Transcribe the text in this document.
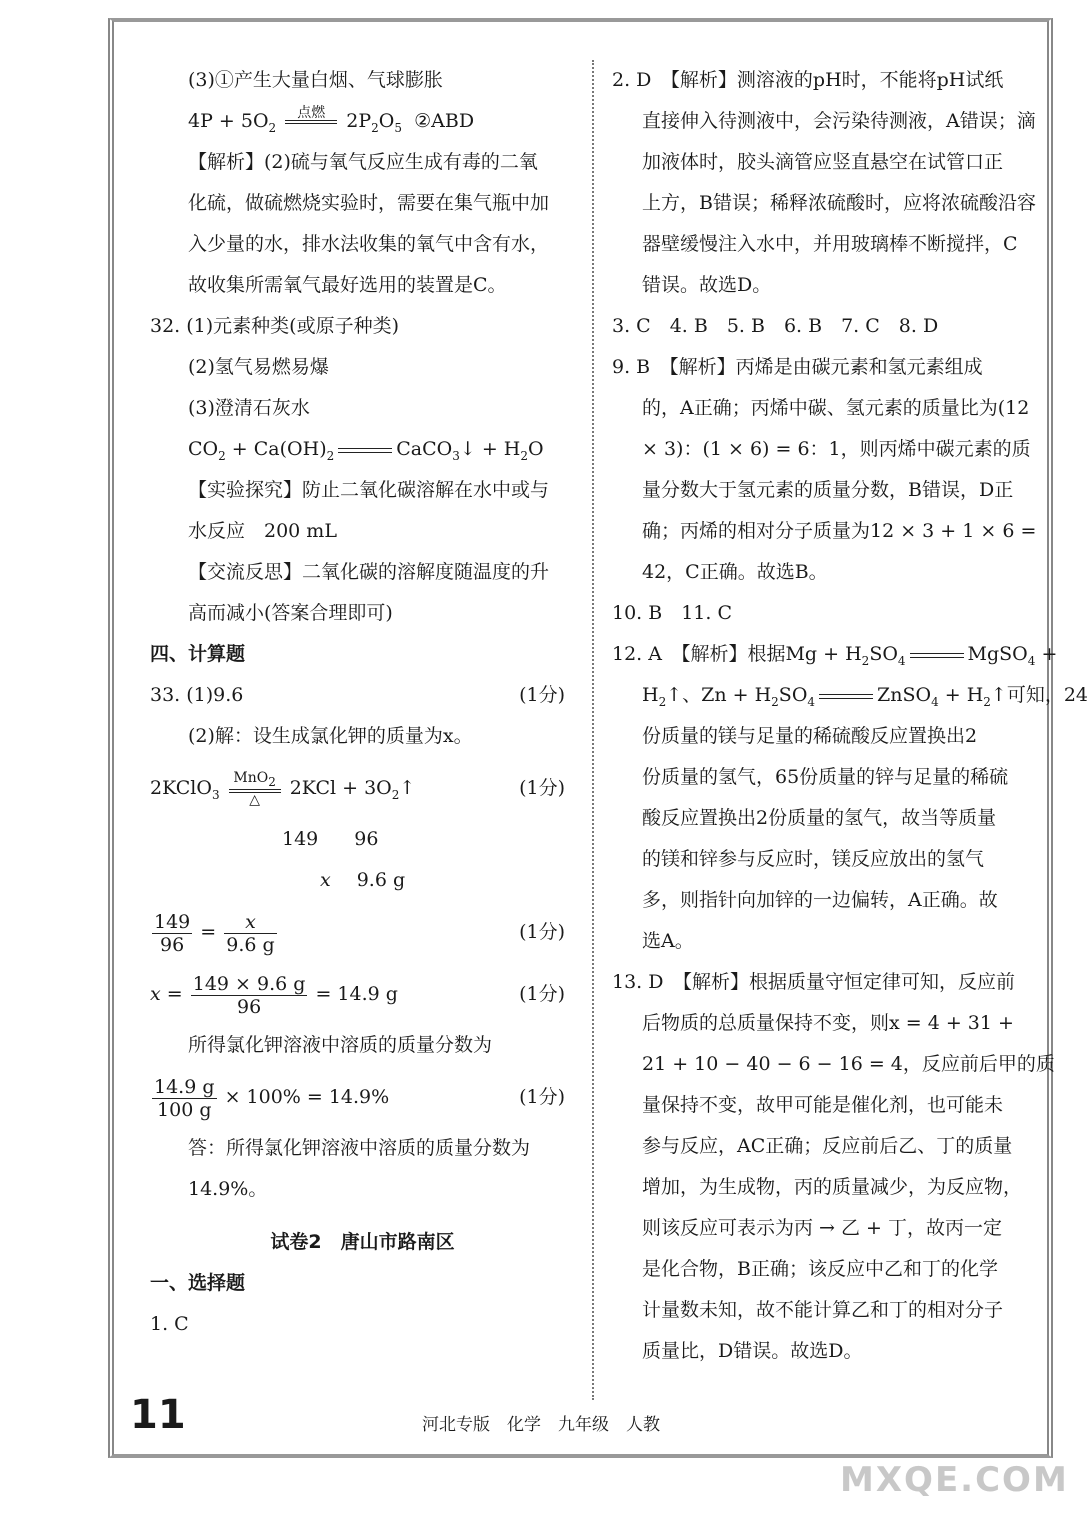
(3)①产生大量白烟、气球膨胀
$4P + 5O_2$
点燃	$2P_2O_5$ ②ABD
【解析】(2)硫与氧气反应生成有毒的二氧
化硫，做硫燃烧实验时，需要在集气瓶中加
入少量的水，排水法收集的氧气中含有水，
故收集所需氧气最好选用的装置是C。
32. (1)元素种类(或原子种类)
(2)氢气易燃易爆
(3)澄清石灰水
$CO_2 + Ca(OH)_2$	CaCO$_3$↓ + $H_2O$
【实验探究】防止二氧化碳溶解在水中或与
水反应　200 mL
【交流反思】二氧化碳的溶解度随温度的升
高而减小(答案合理即可)
四、计算题
33. (1)9.6	(1分)
(2)解：设生成氯化钾的质量为x。
2KClO$_3$
MnO$_2$
△
$2KCl + 3O_2↑$	(1分)
149 96
x 9.6 g
$\frac{149}{96} = \frac{x}{9.6 g}$	(1分)
$x = \frac{149 \times 9.6 g}{96} = 14.9$ g	(1分)
所得氯化钾溶液中溶质的质量分数为
$\frac{14.9 g}{100 g} \times 100\% = 14.9\%$	(1分)
答：所得氯化钾溶液中溶质的质量分数为
14.9%。
试卷2　唐山市路南区
一、选择题
1. C
2. D　【解析】测溶液的pH时，不能将pH试纸
直接伸入待测液中，会污染待测液，A错误；滴
加液体时，胶头滴管应竖直悬空在试管口正
上方，B错误；稀释浓硫酸时，应将浓硫酸沿容
器壁缓慢注入水中，并用玻璃棒不断搅拌，C
错误。故选D。
3. C　4. B　5. B　6. B　7. C　8. D
9. B　【解析】丙烯是由碳元素和氢元素组成
的，A正确；丙烯中碳、氢元素的质量比为(12
× 3)：(1 × 6) = 6：1，则丙烯中碳元素的质
量分数大于氢元素的质量分数，B错误，D正
确；丙烯的相对分子质量为12 × 3 + 1 × 6 =
42，C正确。故选B。
10. B　11. C
12. A　【解析】根据$Mg + H_2SO_4$	MgSO$_4$ +
$H_2↑$、$Zn + H_2SO_4$	ZnSO$_4$ + $H_2↑$可知，24
份质量的镁与足量的稀硫酸反应置换出2
份质量的氢气，65份质量的锌与足量的稀硫
酸反应置换出2份质量的氢气，故当等质量
的镁和锌参与反应时，镁反应放出的氢气
多，则指针向加锌的一边偏转，A正确。故
选A。
13. D　【解析】根据质量守恒定律可知，反应前
后物质的总质量保持不变，则x = 4 + 31 +
21 + 10 − 40 − 6 − 16 = 4，反应前后甲的质
量保持不变，故甲可能是催化剂，也可能未
参与反应，AC正确；反应前后乙、丁的质量
增加，为生成物，丙的质量减少，为反应物，
则该反应可表示为丙 → 乙 + 丁，故丙一定
是化合物，B正确；该反应中乙和丁的化学
计量数未知，故不能计算乙和丁的相对分子
质量比，D错误。故选D。
11	河北专版　化学　九年级　人教
MXQE.COM
